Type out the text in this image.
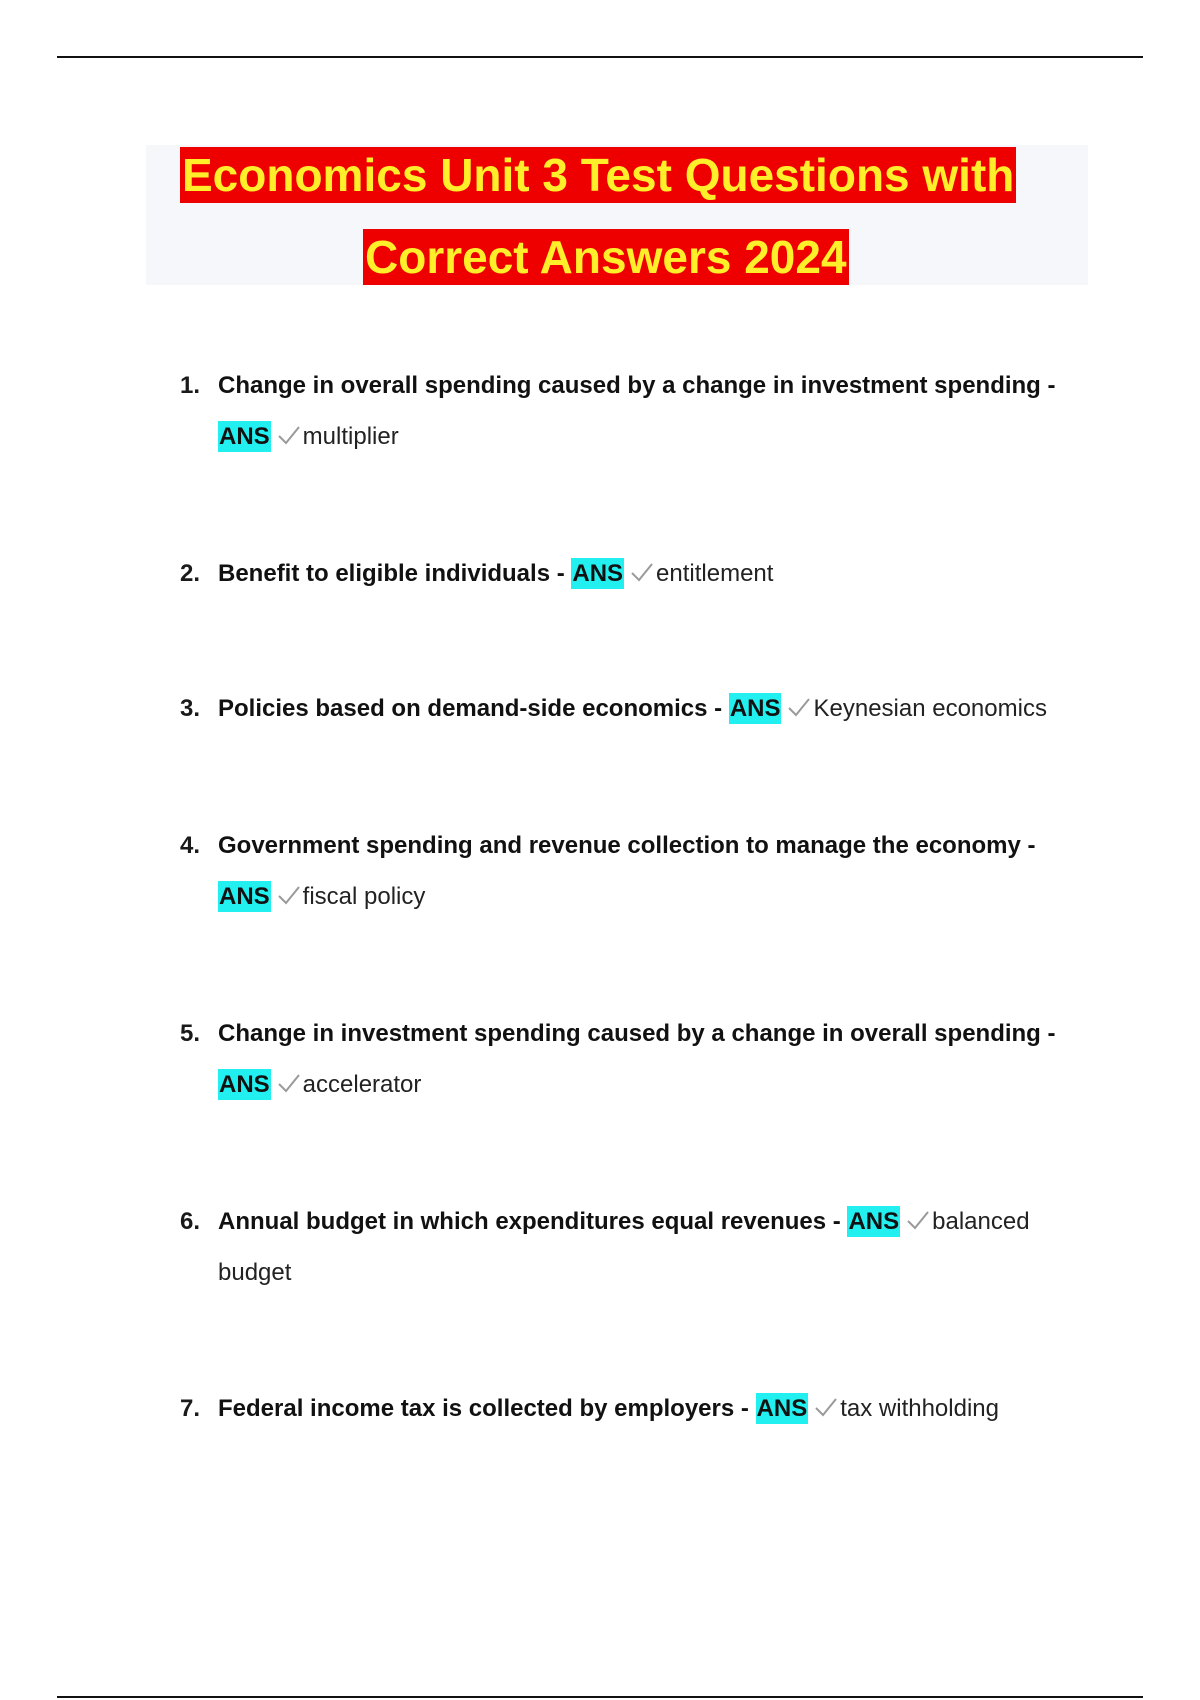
Economics Unit 3 Test Questions with
Correct Answers 2024
1. Change in overall spending caused by a change in investment spending -
ANS multiplier
2. Benefit to eligible individuals - ANS entitlement
3. Policies based on demand-side economics - ANS Keynesian economics
4. Government spending and revenue collection to manage the economy -
ANS fiscal policy
5. Change in investment spending caused by a change in overall spending -
ANS accelerator
6. Annual budget in which expenditures equal revenues - ANS balanced budget
7. Federal income tax is collected by employers - ANS tax withholding
